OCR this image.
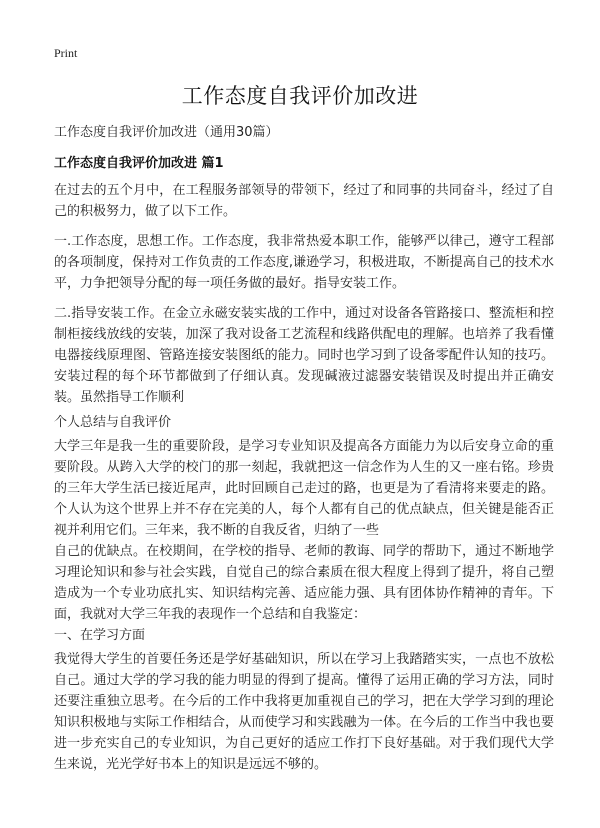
Print
工作态度自我评价加改进
工作态度自我评价加改进（通用30篇）
工作态度自我评价加改进 篇1
在过去的五个月中，在工程服务部领导的带领下，经过了和同事的共同奋斗，经过了自己的积极努力，做了以下工作。
一.工作态度，思想工作。工作态度，我非常热爱本职工作，能够严以律己，遵守工程部的各项制度，保持对工作负责的工作态度,谦逊学习，积极进取，不断提高自己的技术水平，力争把领导分配的每一项任务做的最好。指导安装工作。
二.指导安装工作。在金立永磁安装实战的工作中，通过对设备各管路接口、整流柜和控制柜接线放线的安装，加深了我对设备工艺流程和线路供配电的理解。也培养了我看懂电器接线原理图、管路连接安装图纸的能力。同时也学习到了设备零配件认知的技巧。安装过程的每个环节都做到了仔细认真。发现碱液过滤器安装错误及时提出并正确安装。虽然指导工作顺利
个人总结与自我评价
大学三年是我一生的重要阶段，是学习专业知识及提高各方面能力为以后安身立命的重要阶段。从跨入大学的校门的那一刻起，我就把这一信念作为人生的又一座右铭。珍贵的三年大学生活已接近尾声，此时回顾自己走过的路，也更是为了看清将来要走的路。个人认为这个世界上并不存在完美的人，每个人都有自己的优点缺点，但关键是能否正视并利用它们。三年来，我不断的自我反省，归纳了一些
自己的优缺点。在校期间，在学校的指导、老师的教诲、同学的帮助下，通过不断地学习理论知识和参与社会实践，自觉自己的综合素质在很大程度上得到了提升，将自己塑造成为一个专业功底扎实、知识结构完善、适应能力强、具有团体协作精神的青年。下面，我就对大学三年我的表现作一个总结和自我鉴定：
一、在学习方面
我觉得大学生的首要任务还是学好基础知识，所以在学习上我踏踏实实，一点也不放松自己。通过大学的学习我的能力明显的得到了提高。懂得了运用正确的学习方法，同时还要注重独立思考。在今后的工作中我将更加重视自己的学习，把在大学学习到的理论知识积极地与实际工作相结合，从而使学习和实践融为一体。在今后的工作当中我也要进一步充实自己的专业知识，为自己更好的适应工作打下良好基础。对于我们现代大学生来说，光光学好书本上的知识是远远不够的。
